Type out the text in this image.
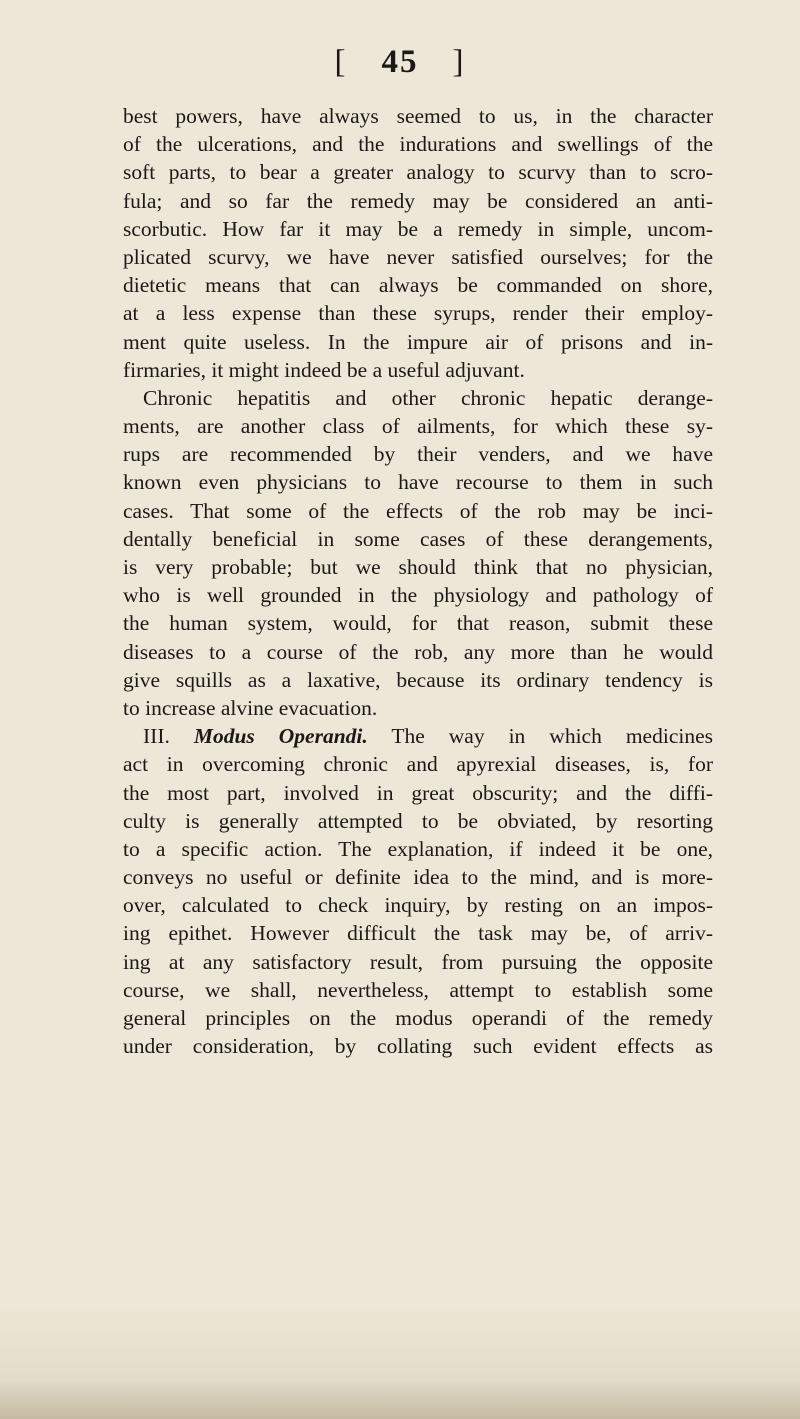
[ 45 ]
best powers, have always seemed to us, in the character
of the ulcerations, and the indurations and swellings of the
soft parts, to bear a greater analogy to scurvy than to scro-
fula; and so far the remedy may be considered an anti-
scorbutic. How far it may be a remedy in simple, uncom-
plicated scurvy, we have never satisfied ourselves; for the
dietetic means that can always be commanded on shore,
at a less expense than these syrups, render their employ-
ment quite useless. In the impure air of prisons and in-
firmaries, it might indeed be a useful adjuvant.
Chronic hepatitis and other chronic hepatic derange-
ments, are another class of ailments, for which these sy-
rups are recommended by their venders, and we have
known even physicians to have recourse to them in such
cases. That some of the effects of the rob may be inci-
dentally beneficial in some cases of these derangements,
is very probable; but we should think that no physician,
who is well grounded in the physiology and pathology of
the human system, would, for that reason, submit these
diseases to a course of the rob, any more than he would
give squills as a laxative, because its ordinary tendency is
to increase alvine evacuation.
III. Modus Operandi. The way in which medicines
act in overcoming chronic and apyrexial diseases, is, for
the most part, involved in great obscurity; and the diffi-
culty is generally attempted to be obviated, by resorting
to a specific action. The explanation, if indeed it be one,
conveys no useful or definite idea to the mind, and is more-
over, calculated to check inquiry, by resting on an impos-
ing epithet. However difficult the task may be, of arriv-
ing at any satisfactory result, from pursuing the opposite
course, we shall, nevertheless, attempt to establish some
general principles on the modus operandi of the remedy
under consideration, by collating such evident effects as
